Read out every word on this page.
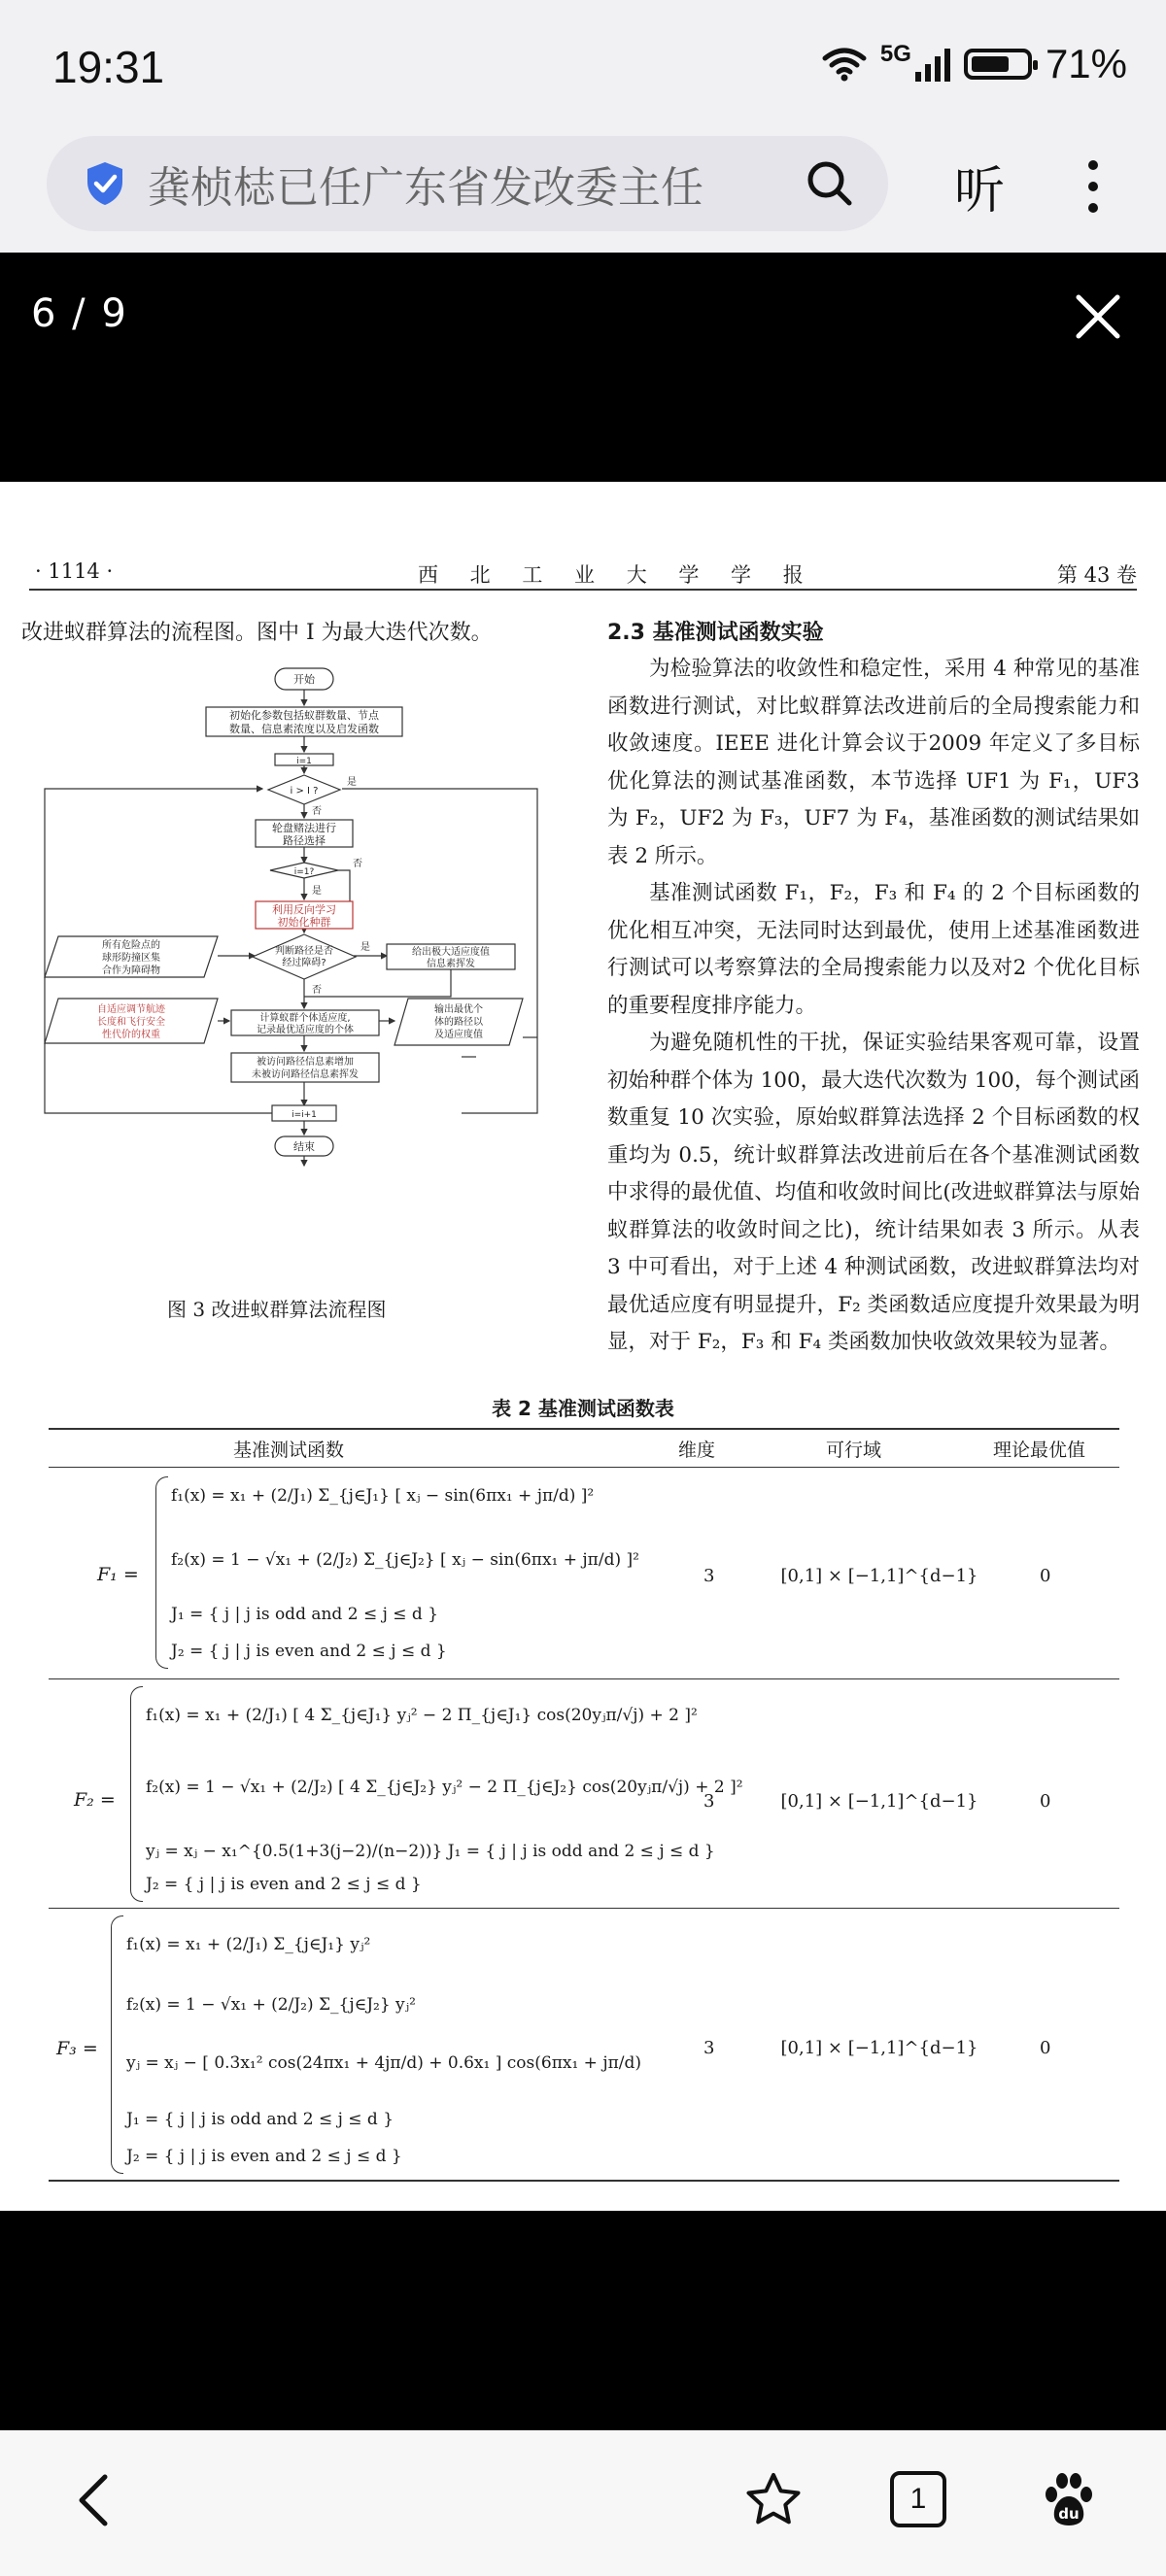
19:31	5G	71%
龚桢梽已任广东省发改委主任	听
6 / 9
· 1114 ·	西 北 工 业 大 学 学 报	第 43 卷
改进蚁群算法的流程图。图中 I 为最大迭代次数。	2.3 基准测试函数实验

为检验算法的收敛性和稳定性，采用 4 种常见的基准函数进行测试，对比蚁群算法改进前后的全局搜索能力和收敛速度。IEEE 进化计算会议于2009 年定义了多目标优化算法的测试基准函数，本节选择 UF1 为 F₁，UF3 为 F₂，UF2 为 F₃，UF7 为 F₄，基准函数的测试结果如表 2 所示。

基准测试函数 F₁，F₂，F₃ 和 F₄ 的 2 个目标函数的优化相互冲突，无法同时达到最优，使用上述基准函数进行测试可以考察算法的全局搜索能力以及对2 个优化目标的重要程度排序能力。

为避免随机性的干扰，保证实验结果客观可靠，设置初始种群个体为 100，最大迭代次数为 100，每个测试函数重复 10 次实验，原始蚁群算法选择 2 个目标函数的权重均为 0.5，统计蚁群算法改进前后在各个基准测试函数中求得的最优值、均值和收敛时间比(改进蚁群算法与原始蚁群算法的收敛时间之比)，统计结果如表 3 所示。从表 3 中可看出，对于上述 4 种测试函数，改进蚁群算法均对最优适应度有明显提升，F₂ 类函数适应度提升效果最为明显，对于 F₂，F₃ 和 F₄ 类函数加快收敛效果较为显著。

开始
初始化参数包括蚁群数量、节点
数量、信息素浓度以及启发函数
i=1
i > I ?
是
否
轮盘赌法进行
路径选择
i=1?
否
是
利用反向学习
初始化种群
判断路径是否
经过障碍?
是
否
所有危险点的
球形防撞区集
合作为障碍物
给出极大适应度值
信息素挥发
自适应调节航迹
长度和飞行安全
性代价的权重
计算蚁群个体适应度,
记录最优适应度的个体
输出最优个
体的路径以
及适应度值
被访问路径信息素增加
未被访问路径信息素挥发
i=i+1
结束
图 3 改进蚁群算法流程图
表 2 基准测试函数表
基准测试函数	维度	可行域	理论最优值
F₁ =
f₁(x) = x₁ + (2/J₁) Σ_{j∈J₁} [ xⱼ − sin(6πx₁ + jπ/d) ]²
f₂(x) = 1 − √x₁ + (2/J₂) Σ_{j∈J₂} [ xⱼ − sin(6πx₁ + jπ/d) ]²
J₁ = { j | j is odd and 2 ≤ j ≤ d }
J₂ = { j | j is even and 2 ≤ j ≤ d }
3	[0,1] × [−1,1]^{d−1}	0
F₂ =
f₁(x) = x₁ + (2/J₁) [ 4 Σ_{j∈J₁} yⱼ² − 2 Π_{j∈J₁} cos(20yⱼπ/√j) + 2 ]²
f₂(x) = 1 − √x₁ + (2/J₂) [ 4 Σ_{j∈J₂} yⱼ² − 2 Π_{j∈J₂} cos(20yⱼπ/√j) + 2 ]²
yⱼ = xⱼ − x₁^{0.5(1+3(j−2)/(n−2))} J₁ = { j | j is odd and 2 ≤ j ≤ d }
J₂ = { j | j is even and 2 ≤ j ≤ d }
3	[0,1] × [−1,1]^{d−1}	0
F₃ =
f₁(x) = x₁ + (2/J₁) Σ_{j∈J₁} yⱼ²
f₂(x) = 1 − √x₁ + (2/J₂) Σ_{j∈J₂} yⱼ²
yⱼ = xⱼ − [ 0.3x₁² cos(24πx₁ + 4jπ/d) + 0.6x₁ ] cos(6πx₁ + jπ/d)
J₁ = { j | j is odd and 2 ≤ j ≤ d }
J₂ = { j | j is even and 2 ≤ j ≤ d }
3	[0,1] × [−1,1]^{d−1}	0
1	du
